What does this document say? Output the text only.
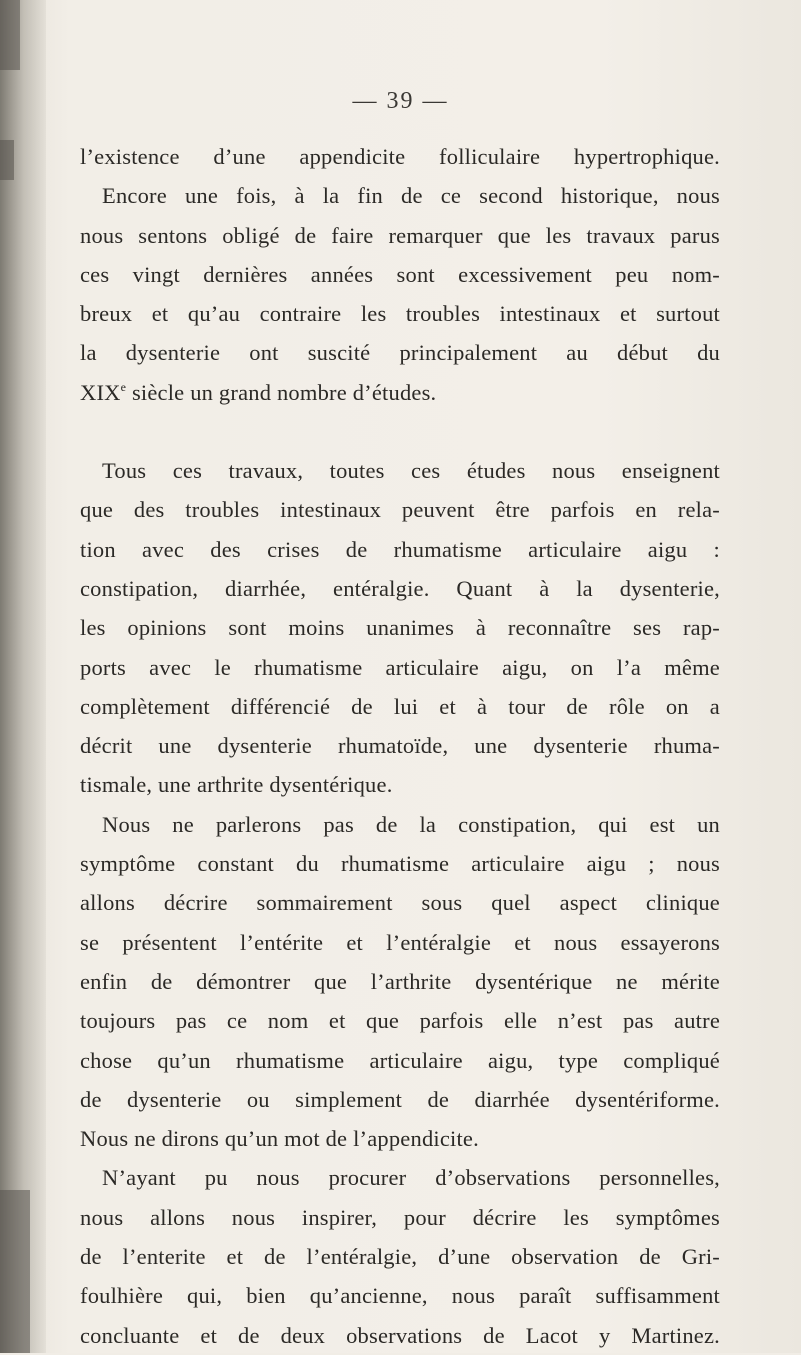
— 39 —
l’existence d’une appendicite folliculaire hypertrophique.
Encore une fois, à la fin de ce second historique, nous
nous sentons obligé de faire remarquer que les travaux parus
ces vingt dernières années sont excessivement peu nom-
breux et qu’au contraire les troubles intestinaux et surtout
la dysenterie ont suscité principalement au début du
XIXe siècle un grand nombre d’études.
Tous ces travaux, toutes ces études nous enseignent
que des troubles intestinaux peuvent être parfois en rela-
tion avec des crises de rhumatisme articulaire aigu :
constipation, diarrhée, entéralgie. Quant à la dysenterie,
les opinions sont moins unanimes à reconnaître ses rap-
ports avec le rhumatisme articulaire aigu, on l’a même
complètement différencié de lui et à tour de rôle on a
décrit une dysenterie rhumatoïde, une dysenterie rhuma-
tismale, une arthrite dysentérique.
Nous ne parlerons pas de la constipation, qui est un
symptôme constant du rhumatisme articulaire aigu ; nous
allons décrire sommairement sous quel aspect clinique
se présentent l’entérite et l’entéralgie et nous essayerons
enfin de démontrer que l’arthrite dysentérique ne mérite
toujours pas ce nom et que parfois elle n’est pas autre
chose qu’un rhumatisme articulaire aigu, type compliqué
de dysenterie ou simplement de diarrhée dysentériforme.
Nous ne dirons qu’un mot de l’appendicite.
N’ayant pu nous procurer d’observations personnelles,
nous allons nous inspirer, pour décrire les symptômes
de l’enterite et de l’entéralgie, d’une observation de Gri-
foulhière qui, bien qu’ancienne, nous paraît suffisamment
concluante et de deux observations de Lacot y Martinez.
